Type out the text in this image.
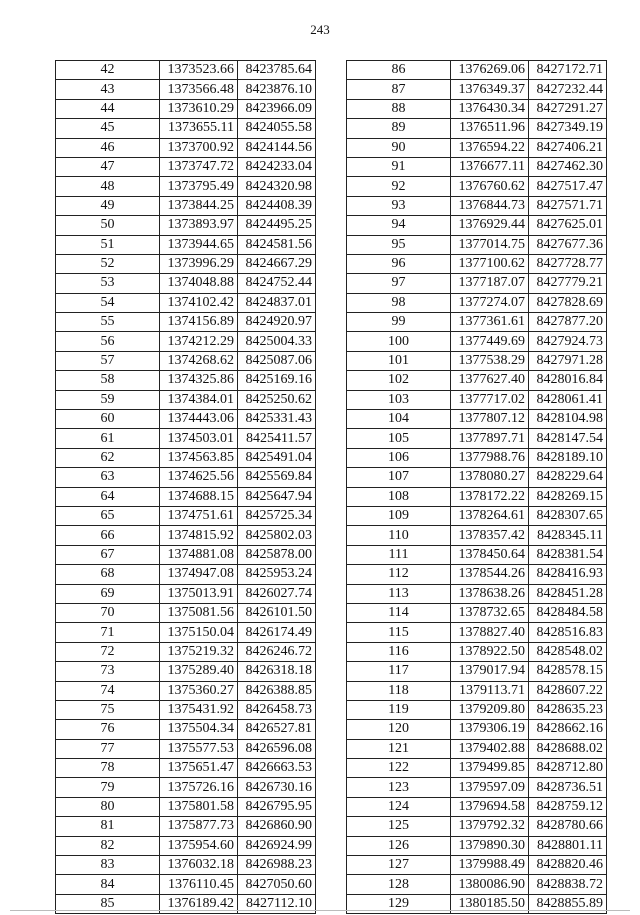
243
42	1373523.66	8423785.64
43	1373566.48	8423876.10
44	1373610.29	8423966.09
45	1373655.11	8424055.58
46	1373700.92	8424144.56
47	1373747.72	8424233.04
48	1373795.49	8424320.98
49	1373844.25	8424408.39
50	1373893.97	8424495.25
51	1373944.65	8424581.56
52	1373996.29	8424667.29
53	1374048.88	8424752.44
54	1374102.42	8424837.01
55	1374156.89	8424920.97
56	1374212.29	8425004.33
57	1374268.62	8425087.06
58	1374325.86	8425169.16
59	1374384.01	8425250.62
60	1374443.06	8425331.43
61	1374503.01	8425411.57
62	1374563.85	8425491.04
63	1374625.56	8425569.84
64	1374688.15	8425647.94
65	1374751.61	8425725.34
66	1374815.92	8425802.03
67	1374881.08	8425878.00
68	1374947.08	8425953.24
69	1375013.91	8426027.74
70	1375081.56	8426101.50
71	1375150.04	8426174.49
72	1375219.32	8426246.72
73	1375289.40	8426318.18
74	1375360.27	8426388.85
75	1375431.92	8426458.73
76	1375504.34	8426527.81
77	1375577.53	8426596.08
78	1375651.47	8426663.53
79	1375726.16	8426730.16
80	1375801.58	8426795.95
81	1375877.73	8426860.90
82	1375954.60	8426924.99
83	1376032.18	8426988.23
84	1376110.45	8427050.60
85	1376189.42	8427112.10
86	1376269.06	8427172.71
87	1376349.37	8427232.44
88	1376430.34	8427291.27
89	1376511.96	8427349.19
90	1376594.22	8427406.21
91	1376677.11	8427462.30
92	1376760.62	8427517.47
93	1376844.73	8427571.71
94	1376929.44	8427625.01
95	1377014.75	8427677.36
96	1377100.62	8427728.77
97	1377187.07	8427779.21
98	1377274.07	8427828.69
99	1377361.61	8427877.20
100	1377449.69	8427924.73
101	1377538.29	8427971.28
102	1377627.40	8428016.84
103	1377717.02	8428061.41
104	1377807.12	8428104.98
105	1377897.71	8428147.54
106	1377988.76	8428189.10
107	1378080.27	8428229.64
108	1378172.22	8428269.15
109	1378264.61	8428307.65
110	1378357.42	8428345.11
111	1378450.64	8428381.54
112	1378544.26	8428416.93
113	1378638.26	8428451.28
114	1378732.65	8428484.58
115	1378827.40	8428516.83
116	1378922.50	8428548.02
117	1379017.94	8428578.15
118	1379113.71	8428607.22
119	1379209.80	8428635.23
120	1379306.19	8428662.16
121	1379402.88	8428688.02
122	1379499.85	8428712.80
123	1379597.09	8428736.51
124	1379694.58	8428759.12
125	1379792.32	8428780.66
126	1379890.30	8428801.11
127	1379988.49	8428820.46
128	1380086.90	8428838.72
129	1380185.50	8428855.89
